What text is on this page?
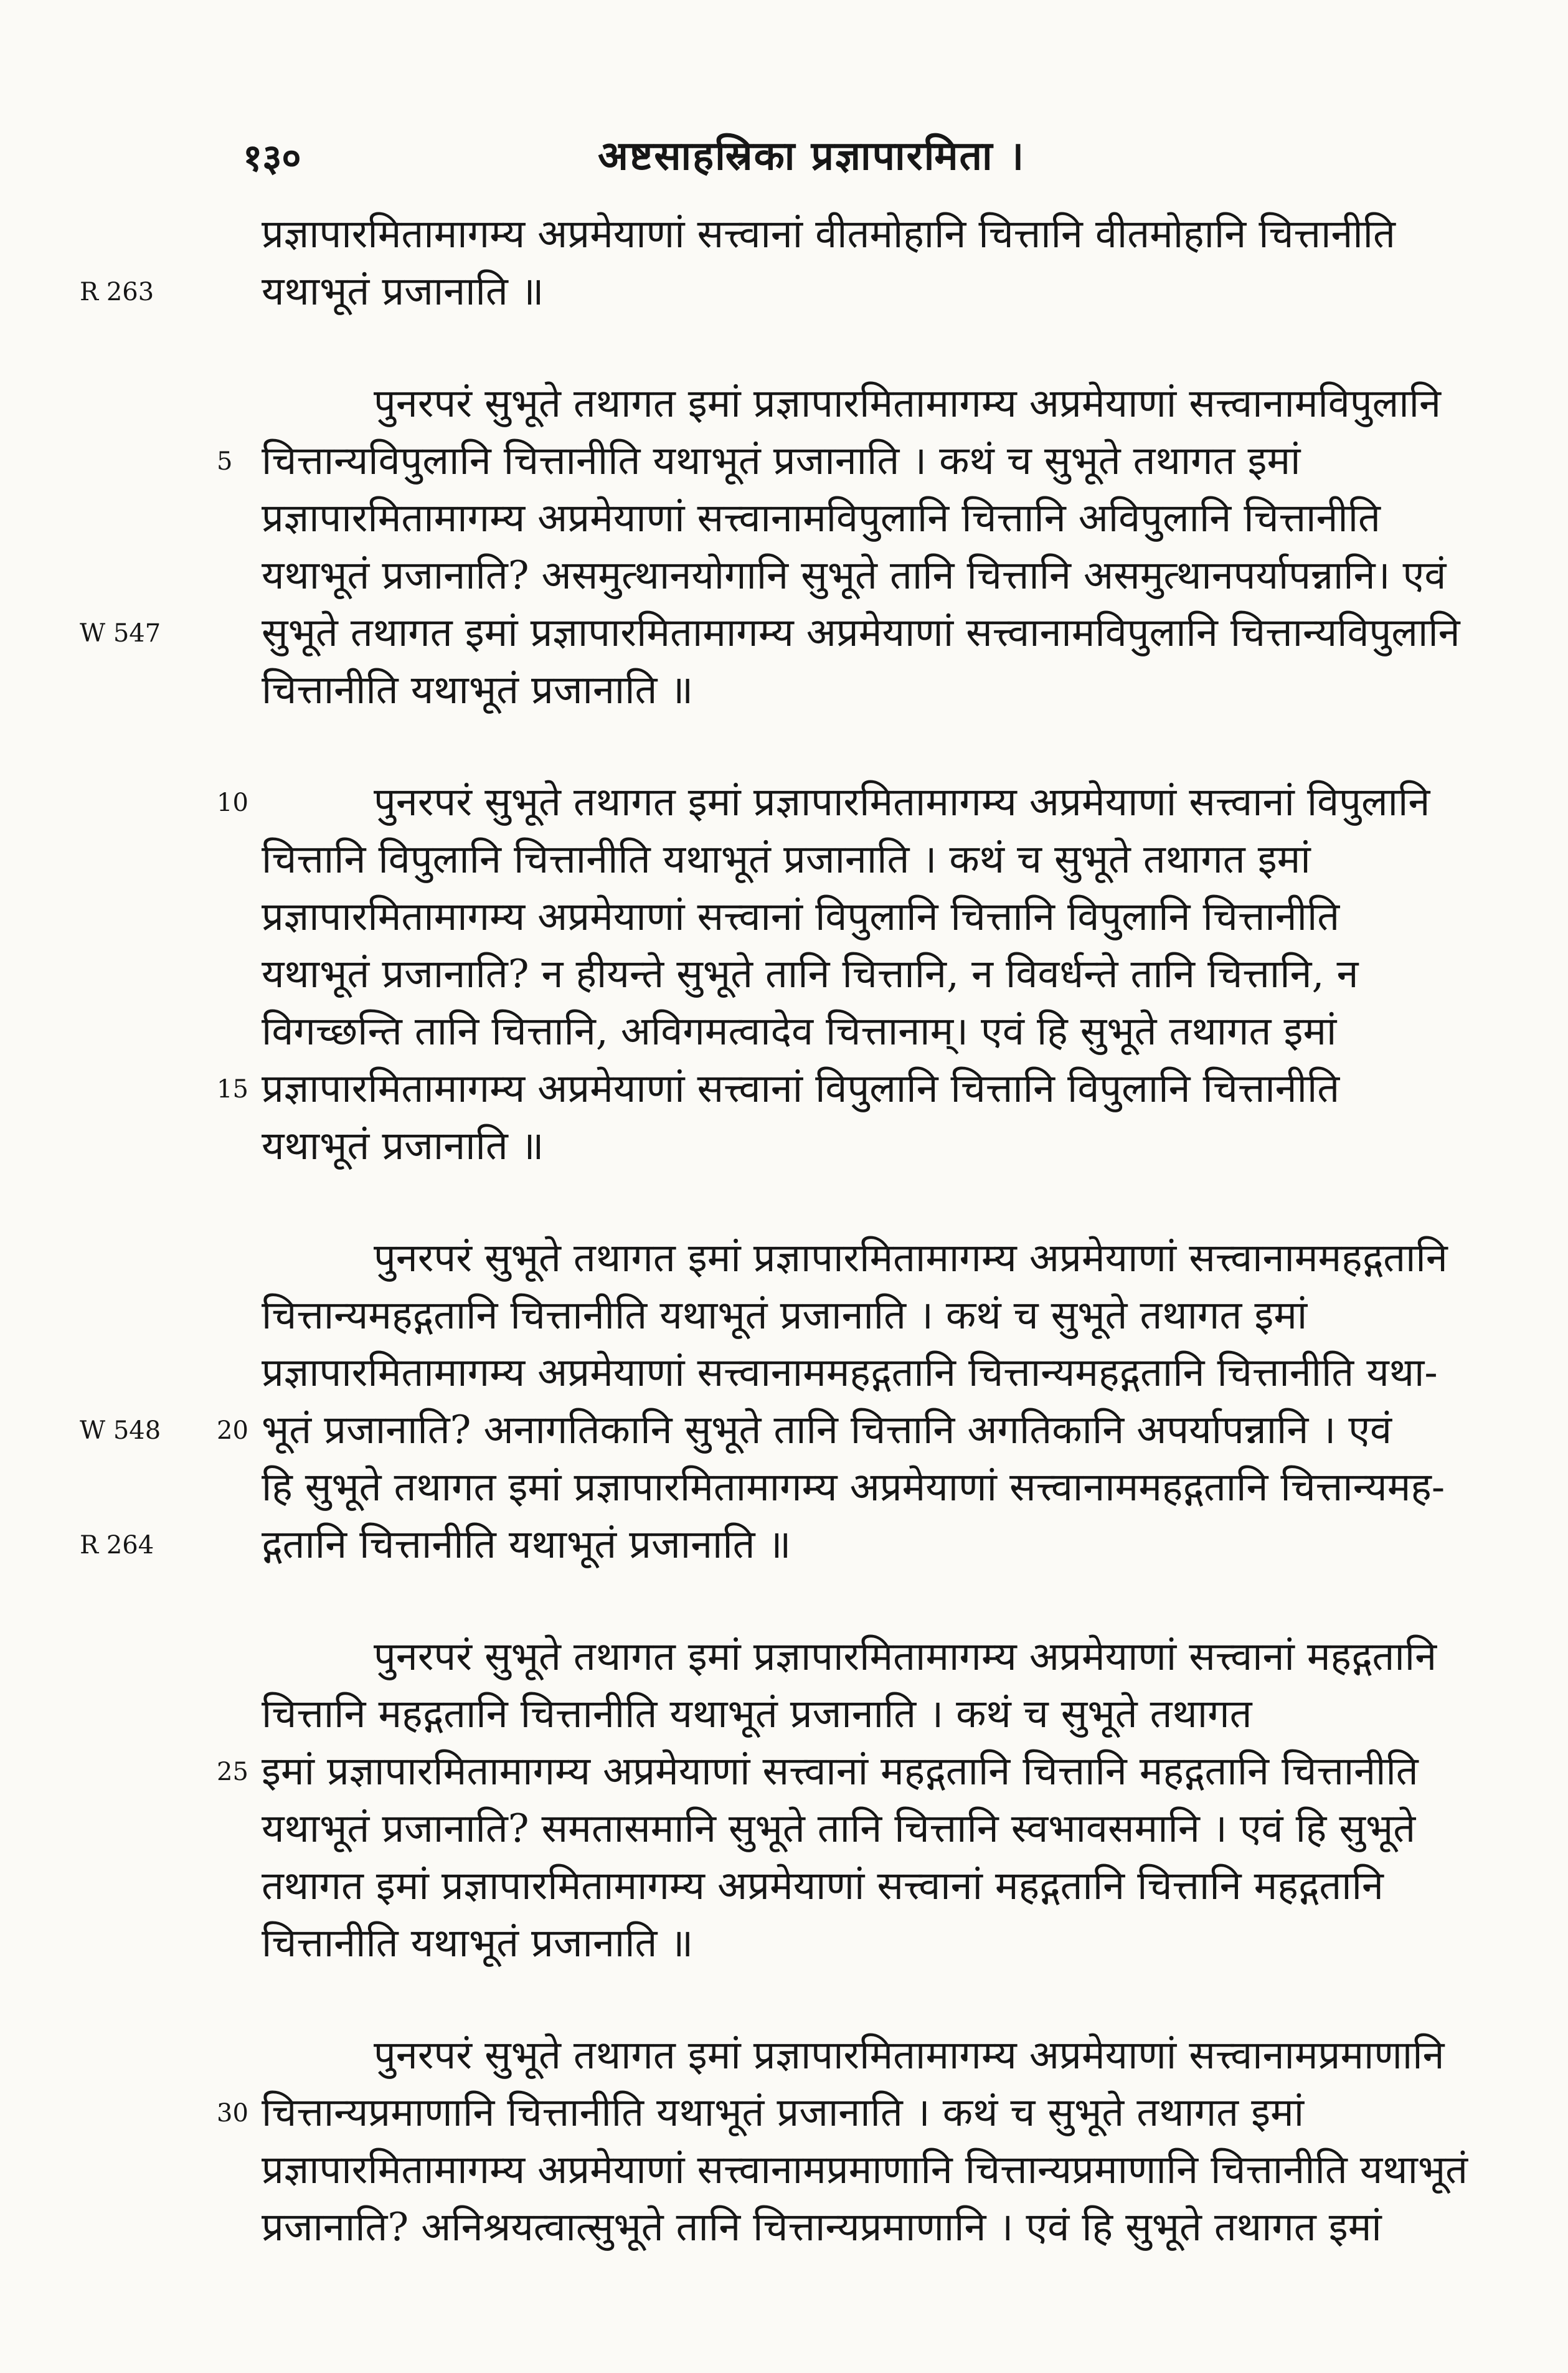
१३०	अष्टसाहस्रिका प्रज्ञापारमिता ।
R 263
W 547
W 548
R 264
5
10
15
20
25
30
प्रज्ञापारमितामागम्य अप्रमेयाणां सत्त्वानां वीतमोहानि चित्तानि वीतमोहानि चित्तानीति
यथाभूतं प्रजानाति ॥
पुनरपरं सुभूते तथागत इमां प्रज्ञापारमितामागम्य अप्रमेयाणां सत्त्वानामविपुलानि
चित्तान्यविपुलानि चित्तानीति यथाभूतं प्रजानाति । कथं च सुभूते तथागत इमां
प्रज्ञापारमितामागम्य अप्रमेयाणां सत्त्वानामविपुलानि चित्तानि अविपुलानि चित्तानीति
यथाभूतं प्रजानाति? असमुत्थानयोगानि सुभूते तानि चित्तानि असमुत्थानपर्यापन्नानि। एवं
सुभूते तथागत इमां प्रज्ञापारमितामागम्य अप्रमेयाणां सत्त्वानामविपुलानि चित्तान्यविपुलानि
चित्तानीति यथाभूतं प्रजानाति ॥
पुनरपरं सुभूते तथागत इमां प्रज्ञापारमितामागम्य अप्रमेयाणां सत्त्वानां विपुलानि
चित्तानि विपुलानि चित्तानीति यथाभूतं प्रजानाति । कथं च सुभूते तथागत इमां
प्रज्ञापारमितामागम्य अप्रमेयाणां सत्त्वानां विपुलानि चित्तानि विपुलानि चित्तानीति
यथाभूतं प्रजानाति? न हीयन्ते सुभूते तानि चित्तानि, न विवर्धन्ते तानि चित्तानि, न
विगच्छन्ति तानि चित्तानि, अविगमत्वादेव चित्तानाम्। एवं हि सुभूते तथागत इमां
प्रज्ञापारमितामागम्य अप्रमेयाणां सत्त्वानां विपुलानि चित्तानि विपुलानि चित्तानीति
यथाभूतं प्रजानाति ॥
पुनरपरं सुभूते तथागत इमां प्रज्ञापारमितामागम्य अप्रमेयाणां सत्त्वानाममहद्गतानि
चित्तान्यमहद्गतानि चित्तानीति यथाभूतं प्रजानाति । कथं च सुभूते तथागत इमां
प्रज्ञापारमितामागम्य अप्रमेयाणां सत्त्वानाममहद्गतानि चित्तान्यमहद्गतानि चित्तानीति यथा-
भूतं प्रजानाति? अनागतिकानि सुभूते तानि चित्तानि अगतिकानि अपर्यापन्नानि । एवं
हि सुभूते तथागत इमां प्रज्ञापारमितामागम्य अप्रमेयाणां सत्त्वानाममहद्गतानि चित्तान्यमह-
द्गतानि चित्तानीति यथाभूतं प्रजानाति ॥
पुनरपरं सुभूते तथागत इमां प्रज्ञापारमितामागम्य अप्रमेयाणां सत्त्वानां महद्गतानि
चित्तानि महद्गतानि चित्तानीति यथाभूतं प्रजानाति । कथं च सुभूते तथागत
इमां प्रज्ञापारमितामागम्य अप्रमेयाणां सत्त्वानां महद्गतानि चित्तानि महद्गतानि चित्तानीति
यथाभूतं प्रजानाति? समतासमानि सुभूते तानि चित्तानि स्वभावसमानि । एवं हि सुभूते
तथागत इमां प्रज्ञापारमितामागम्य अप्रमेयाणां सत्त्वानां महद्गतानि चित्तानि महद्गतानि
चित्तानीति यथाभूतं प्रजानाति ॥
पुनरपरं सुभूते तथागत इमां प्रज्ञापारमितामागम्य अप्रमेयाणां सत्त्वानामप्रमाणानि
चित्तान्यप्रमाणानि चित्तानीति यथाभूतं प्रजानाति । कथं च सुभूते तथागत इमां
प्रज्ञापारमितामागम्य अप्रमेयाणां सत्त्वानामप्रमाणानि चित्तान्यप्रमाणानि चित्तानीति यथाभूतं
प्रजानाति? अनिश्रयत्वात्सुभूते तानि चित्तान्यप्रमाणानि । एवं हि सुभूते तथागत इमां
